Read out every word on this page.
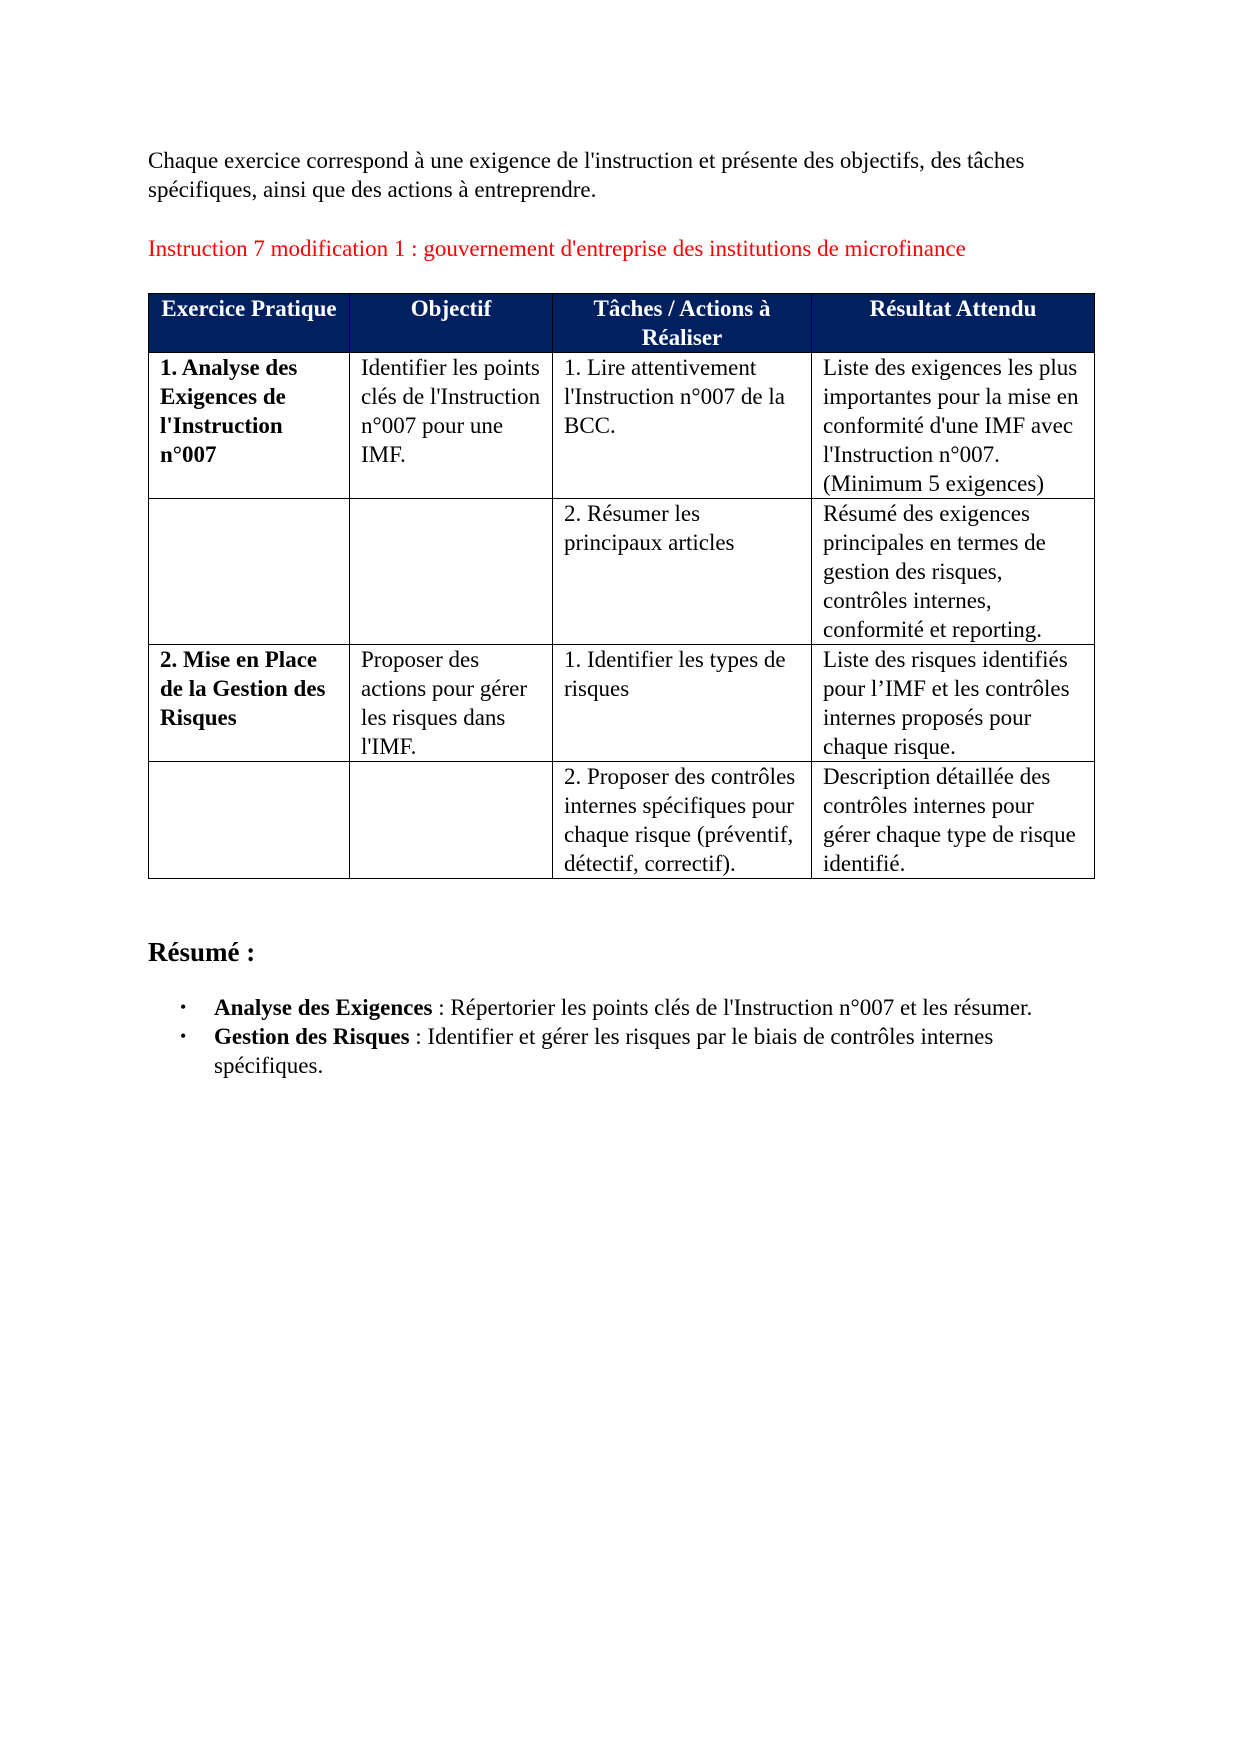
Chaque exercice correspond à une exigence de l'instruction et présente des objectifs, des tâches spécifiques, ainsi que des actions à entreprendre.

Instruction 7 modification 1 : gouvernement d'entreprise des institutions de microfinance

Exercice Pratique	Objectif	Tâches / Actions à Réaliser	Résultat Attendu

1. Analyse des Exigences de l'Instruction n°007	Identifier les points clés de l'Instruction n°007 pour une IMF.	1. Lire attentivement l'Instruction n°007 de la BCC.	Liste des exigences les plus importantes pour la mise en conformité d'une IMF avec l'Instruction n°007. (Minimum 5 exigences)

		2. Résumer les principaux articles	Résumé des exigences principales en termes de gestion des risques, contrôles internes, conformité et reporting.

2. Mise en Place de la Gestion des Risques	Proposer des actions pour gérer les risques dans l'IMF.	1. Identifier les types de risques	Liste des risques identifiés pour l’IMF et les contrôles internes proposés pour chaque risque.

		2. Proposer des contrôles internes spécifiques pour chaque risque (préventif, détectif, correctif).	Description détaillée des contrôles internes pour gérer chaque type de risque identifié.
Résumé :
• Analyse des Exigences : Répertorier les points clés de l'Instruction n°007 et les résumer.
• Gestion des Risques : Identifier et gérer les risques par le biais de contrôles internes spécifiques.
